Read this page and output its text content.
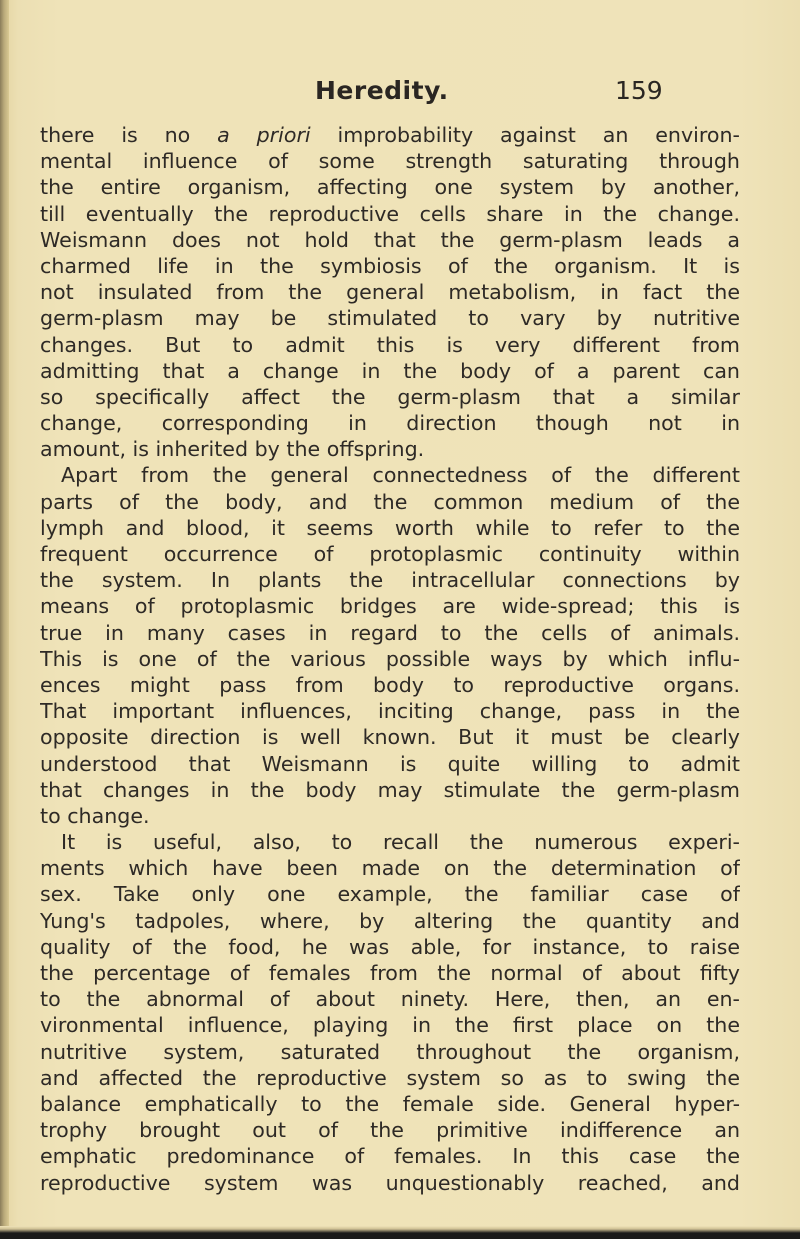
Heredity.	159
there is no a priori improbability against an environ-
mental influence of some strength saturating through
the entire organism, affecting one system by another,
till eventually the reproductive cells share in the change.
Weismann does not hold that the germ-plasm leads a
charmed life in the symbiosis of the organism. It is
not insulated from the general metabolism, in fact the
germ-plasm may be stimulated to vary by nutritive
changes. But to admit this is very different from
admitting that a change in the body of a parent can
so specifically affect the germ-plasm that a similar
change, corresponding in direction though not in
amount, is inherited by the offspring.
Apart from the general connectedness of the different
parts of the body, and the common medium of the
lymph and blood, it seems worth while to refer to the
frequent occurrence of protoplasmic continuity within
the system. In plants the intracellular connections by
means of protoplasmic bridges are wide-spread; this is
true in many cases in regard to the cells of animals.
This is one of the various possible ways by which influ-
ences might pass from body to reproductive organs.
That important influences, inciting change, pass in the
opposite direction is well known. But it must be clearly
understood that Weismann is quite willing to admit
that changes in the body may stimulate the germ-plasm
to change.
It is useful, also, to recall the numerous experi-
ments which have been made on the determination of
sex. Take only one example, the familiar case of
Yung's tadpoles, where, by altering the quantity and
quality of the food, he was able, for instance, to raise
the percentage of females from the normal of about fifty
to the abnormal of about ninety. Here, then, an en-
vironmental influence, playing in the first place on the
nutritive system, saturated throughout the organism,
and affected the reproductive system so as to swing the
balance emphatically to the female side. General hyper-
trophy brought out of the primitive indifference an
emphatic predominance of females. In this case the
reproductive system was unquestionably reached, and
